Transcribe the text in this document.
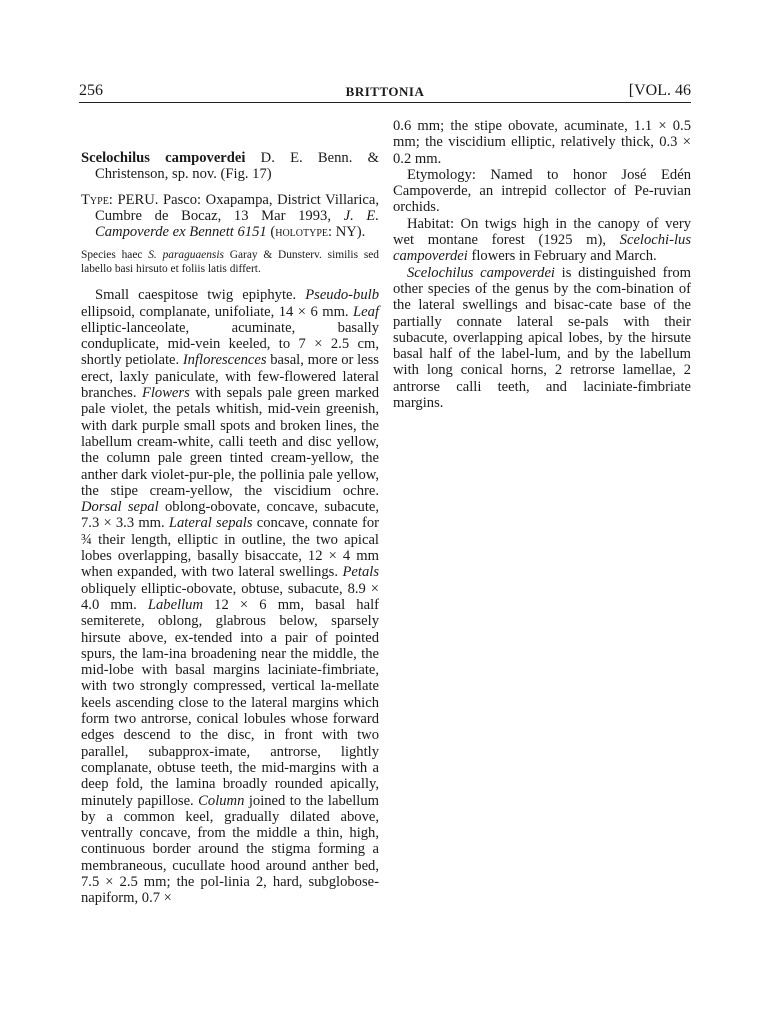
256	BRITTONIA	[VOL. 46

Scelochilus campoverdei D. E. Benn. & Christenson, sp. nov. (Fig. 17)

Type: PERU. Pasco: Oxapampa, District Villarica, Cumbre de Bocaz, 13 Mar 1993, J. E. Campoverde ex Bennett 6151 (holotype: NY).

Species haec S. paraguaensis Garay & Dunsterv. similis sed labello basi hirsuto et foliis latis differt.

Small caespitose twig epiphyte. Pseudo-bulb ellipsoid, complanate, unifoliate, 14 × 6 mm. Leaf elliptic-lanceolate, acuminate, basally conduplicate, mid-vein keeled, to 7 × 2.5 cm, shortly petiolate. Inflorescences basal, more or less erect, laxly paniculate, with few-flowered lateral branches. Flowers with sepals pale green marked pale violet, the petals whitish, mid-vein greenish, with dark purple small spots and broken lines, the labellum cream-white, calli teeth and disc yellow, the column pale green tinted cream-yellow, the anther dark violet-pur-ple, the pollinia pale yellow, the stipe cream-yellow, the viscidium ochre. Dorsal sepal oblong-obovate, concave, subacute, 7.3 × 3.3 mm. Lateral sepals concave, connate for ¾ their length, elliptic in outline, the two apical lobes overlapping, basally bisaccate, 12 × 4 mm when expanded, with two lateral swellings. Petals obliquely elliptic-obovate, obtuse, subacute, 8.9 × 4.0 mm. Labellum 12 × 6 mm, basal half semiterete, oblong, glabrous below, sparsely hirsute above, ex-tended into a pair of pointed spurs, the lam-ina broadening near the middle, the mid-lobe with basal margins laciniate-fimbriate, with two strongly compressed, vertical la-mellate keels ascending close to the lateral margins which form two antrorse, conical lobules whose forward edges descend to the disc, in front with two parallel, subapprox-imate, antrorse, lightly complanate, obtuse teeth, the mid-margins with a deep fold, the lamina broadly rounded apically, minutely papillose. Column joined to the labellum by a common keel, gradually dilated above, ventrally concave, from the middle a thin, high, continuous border around the stigma forming a membraneous, cucullate hood around anther bed, 7.5 × 2.5 mm; the pol-linia 2, hard, subglobose-napiform, 0.7 ×

0.6 mm; the stipe obovate, acuminate, 1.1 × 0.5 mm; the viscidium elliptic, relatively thick, 0.3 × 0.2 mm.

Etymology: Named to honor José Edén Campoverde, an intrepid collector of Pe-ruvian orchids.

Habitat: On twigs high in the canopy of very wet montane forest (1925 m), Scelochi-lus campoverdei flowers in February and March.

Scelochilus campoverdei is distinguished from other species of the genus by the com-bination of the lateral swellings and bisac-cate base of the partially connate lateral se-pals with their subacute, overlapping apical lobes, by the hirsute basal half of the label-lum, and by the labellum with long conical horns, 2 retrorse lamellae, 2 antrorse calli teeth, and laciniate-fimbriate margins.
